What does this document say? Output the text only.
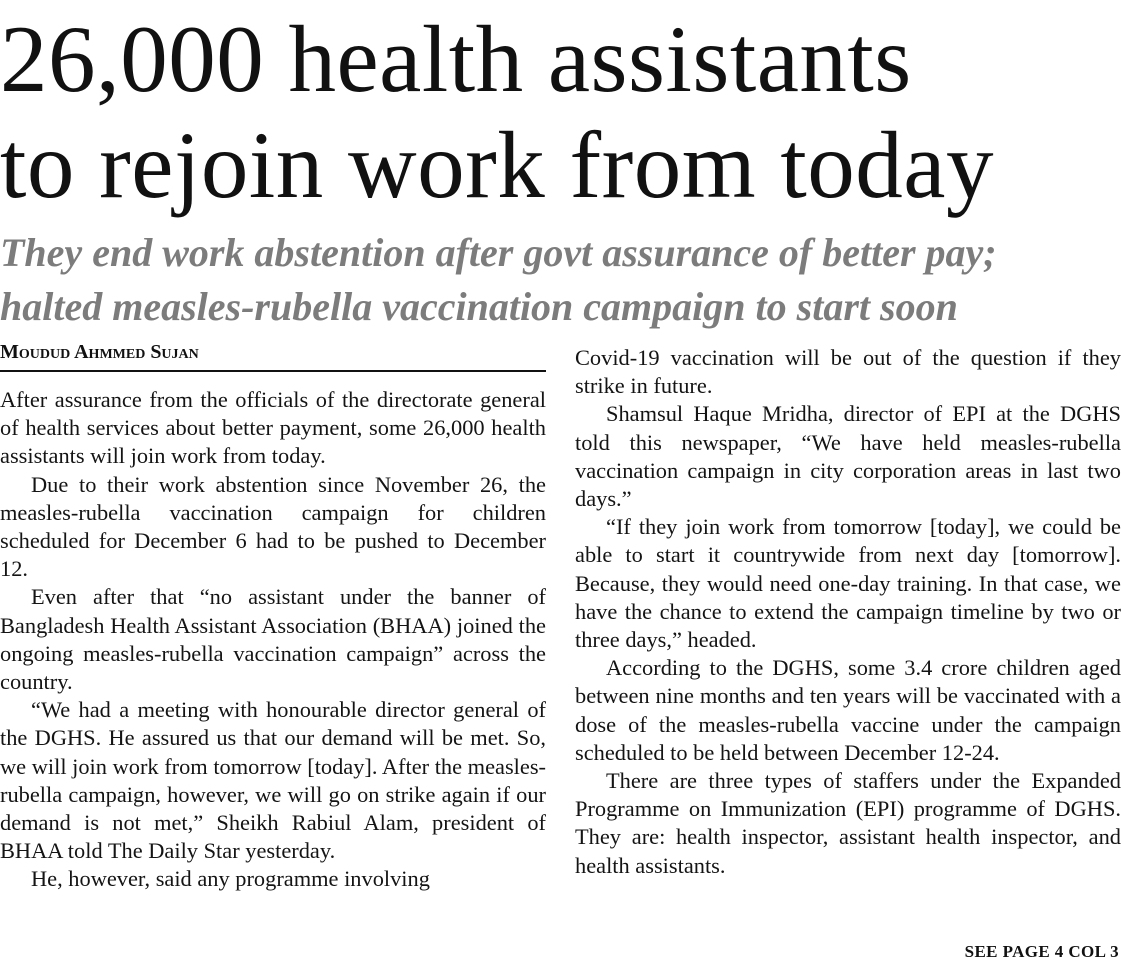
26,000 health assistants
to rejoin work from today
They end work abstention after govt assurance of better pay;
halted measles-rubella vaccination campaign to start soon
Moudud Ahmmed Sujan

After assurance from the officials of the directorate general of health services about better payment, some 26,000 health assistants will join work from today.

Due to their work abstention since November 26, the measles-rubella vaccination campaign for children scheduled for December 6 had to be pushed to December 12.

Even after that “no assistant under the banner of Bangladesh Health Assistant Association (BHAA) joined the ongoing measles-rubella vaccination campaign” across the country.

“We had a meeting with honourable director general of the DGHS. He assured us that our demand will be met. So, we will join work from tomorrow [today]. After the measles-rubella campaign, however, we will go on strike again if our demand is not met,” Sheikh Rabiul Alam, president of BHAA told The Daily Star yesterday.

He, however, said any programme involving

Covid-19 vaccination will be out of the question if they strike in future.

Shamsul Haque Mridha, director of EPI at the DGHS told this newspaper, “We have held measles-rubella vaccination campaign in city corporation areas in last two days.”

“If they join work from tomorrow [today], we could be able to start it countrywide from next day [tomorrow]. Because, they would need one-day training. In that case, we have the chance to extend the campaign timeline by two or three days,” headed.

According to the DGHS, some 3.4 crore children aged between nine months and ten years will be vaccinated with a dose of the measles-rubella vaccine under the campaign scheduled to be held between December 12-24.

There are three types of staffers under the Expanded Programme on Immunization (EPI) programme of DGHS. They are: health inspector, assistant health inspector, and health assistants.

SEE PAGE 4 COL 3
